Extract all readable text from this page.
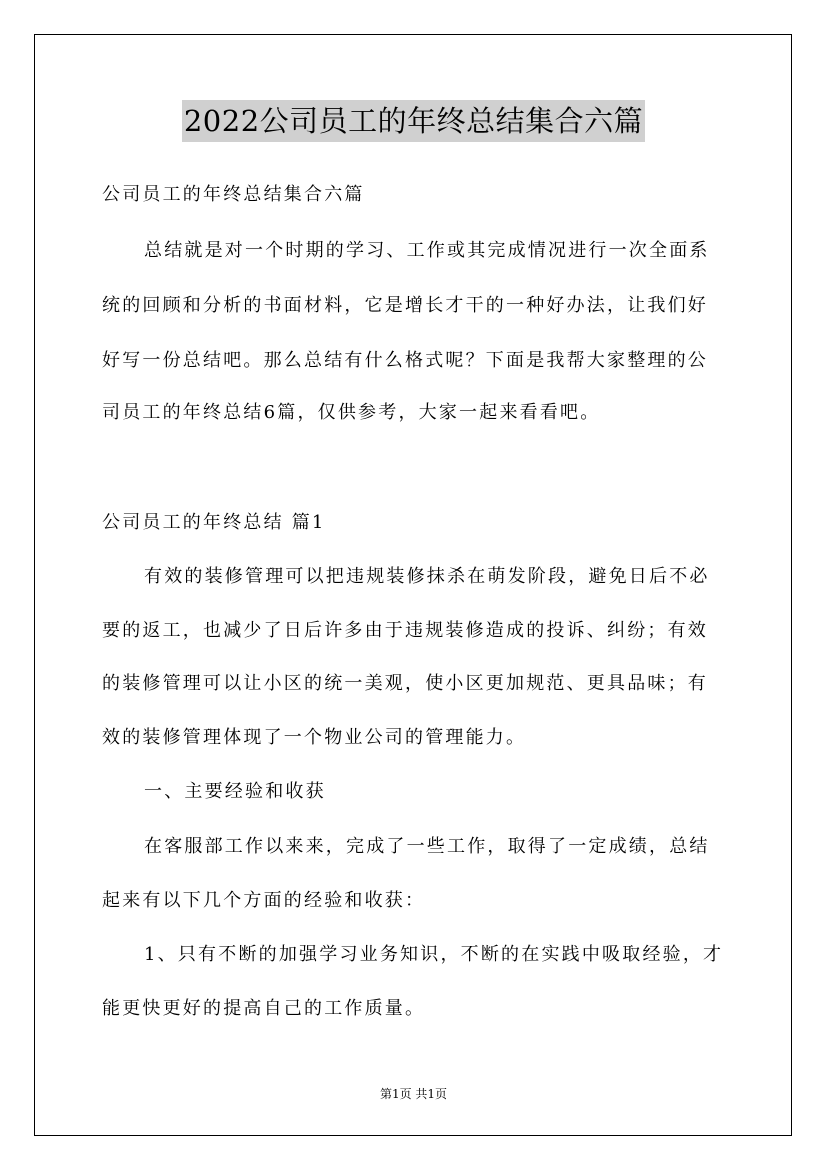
2022公司员工的年终总结集合六篇
公司员工的年终总结集合六篇
总结就是对一个时期的学习、工作或其完成情况进行一次全面系
统的回顾和分析的书面材料，它是增长才干的一种好办法，让我们好
好写一份总结吧。那么总结有什么格式呢？下面是我帮大家整理的公
司员工的年终总结6篇，仅供参考，大家一起来看看吧。
公司员工的年终总结 篇1
有效的装修管理可以把违规装修抹杀在萌发阶段，避免日后不必
要的返工，也减少了日后许多由于违规装修造成的投诉、纠纷；有效
的装修管理可以让小区的统一美观，使小区更加规范、更具品味；有
效的装修管理体现了一个物业公司的管理能力。
一、主要经验和收获
在客服部工作以来来，完成了一些工作，取得了一定成绩，总结
起来有以下几个方面的经验和收获：
1、只有不断的加强学习业务知识，不断的在实践中吸取经验，才
能更快更好的提高自己的工作质量。
第1页 共1页
